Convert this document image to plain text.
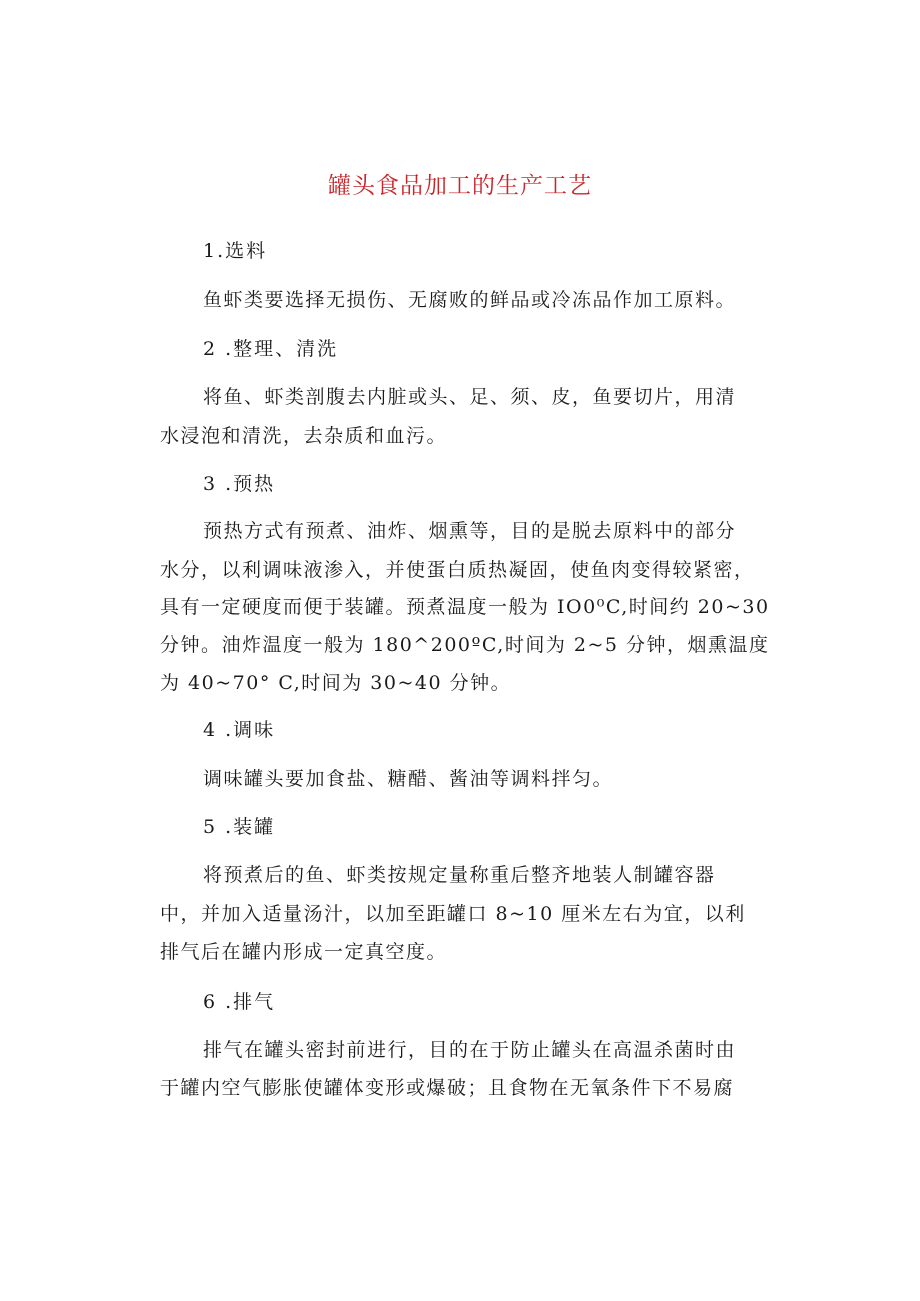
罐头食品加工的生产工艺
1.选料
鱼虾类要选择无损伤、无腐败的鲜品或冷冻品作加工原料。
2 .整理、清洗
将鱼、虾类剖腹去内脏或头、足、须、皮，鱼要切片，用清
水浸泡和清洗，去杂质和血污。
3 .预热
预热方式有预煮、油炸、烟熏等，目的是脱去原料中的部分
水分，以利调味液渗入，并使蛋白质热凝固，使鱼肉变得较紧密，
具有一定硬度而便于装罐。预煮温度一般为 IO0⁰C,时间约 20~30
分钟。油炸温度一般为 180^200ºC,时间为 2~5 分钟，烟熏温度
为 40~70° C,时间为 30~40 分钟。
4 .调味
调味罐头要加食盐、糖醋、酱油等调料拌匀。
5 .装罐
将预煮后的鱼、虾类按规定量称重后整齐地装人制罐容器
中，并加入适量汤汁，以加至距罐口 8~10 厘米左右为宜，以利
排气后在罐内形成一定真空度。
6 .排气
排气在罐头密封前进行，目的在于防止罐头在高温杀菌时由
于罐内空气膨胀使罐体变形或爆破；且食物在无氧条件下不易腐
